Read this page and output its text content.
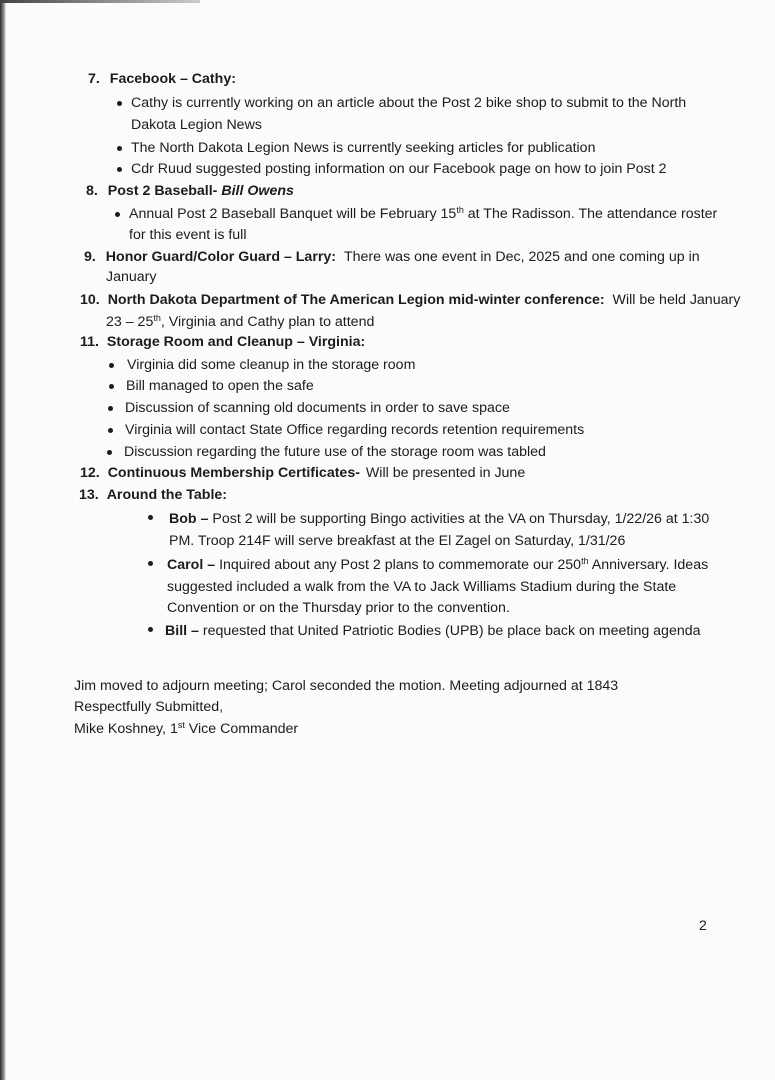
7. Facebook – Cathy:
Cathy is currently working on an article about the Post 2 bike shop to submit to the North
Dakota Legion News
The North Dakota Legion News is currently seeking articles for publication
Cdr Ruud suggested posting information on our Facebook page on how to join Post 2
8. Post 2 Baseball- Bill Owens
Annual Post 2 Baseball Banquet will be February 15th at The Radisson. The attendance roster
for this event is full
9. Honor Guard/Color Guard – Larry: There was one event in Dec, 2025 and one coming up in
January
10. North Dakota Department of The American Legion mid-winter conference: Will be held January
23 – 25th, Virginia and Cathy plan to attend
11. Storage Room and Cleanup – Virginia:
Virginia did some cleanup in the storage room
Bill managed to open the safe
Discussion of scanning old documents in order to save space
Virginia will contact State Office regarding records retention requirements
Discussion regarding the future use of the storage room was tabled
12. Continuous Membership Certificates- Will be presented in June
13. Around the Table:
Bob – Post 2 will be supporting Bingo activities at the VA on Thursday, 1/22/26 at 1:30
PM. Troop 214F will serve breakfast at the El Zagel on Saturday, 1/31/26
Carol – Inquired about any Post 2 plans to commemorate our 250th Anniversary. Ideas
suggested included a walk from the VA to Jack Williams Stadium during the State
Convention or on the Thursday prior to the convention.
Bill – requested that United Patriotic Bodies (UPB) be place back on meeting agenda
Jim moved to adjourn meeting; Carol seconded the motion. Meeting adjourned at 1843
Respectfully Submitted,
Mike Koshney, 1st Vice Commander
2
